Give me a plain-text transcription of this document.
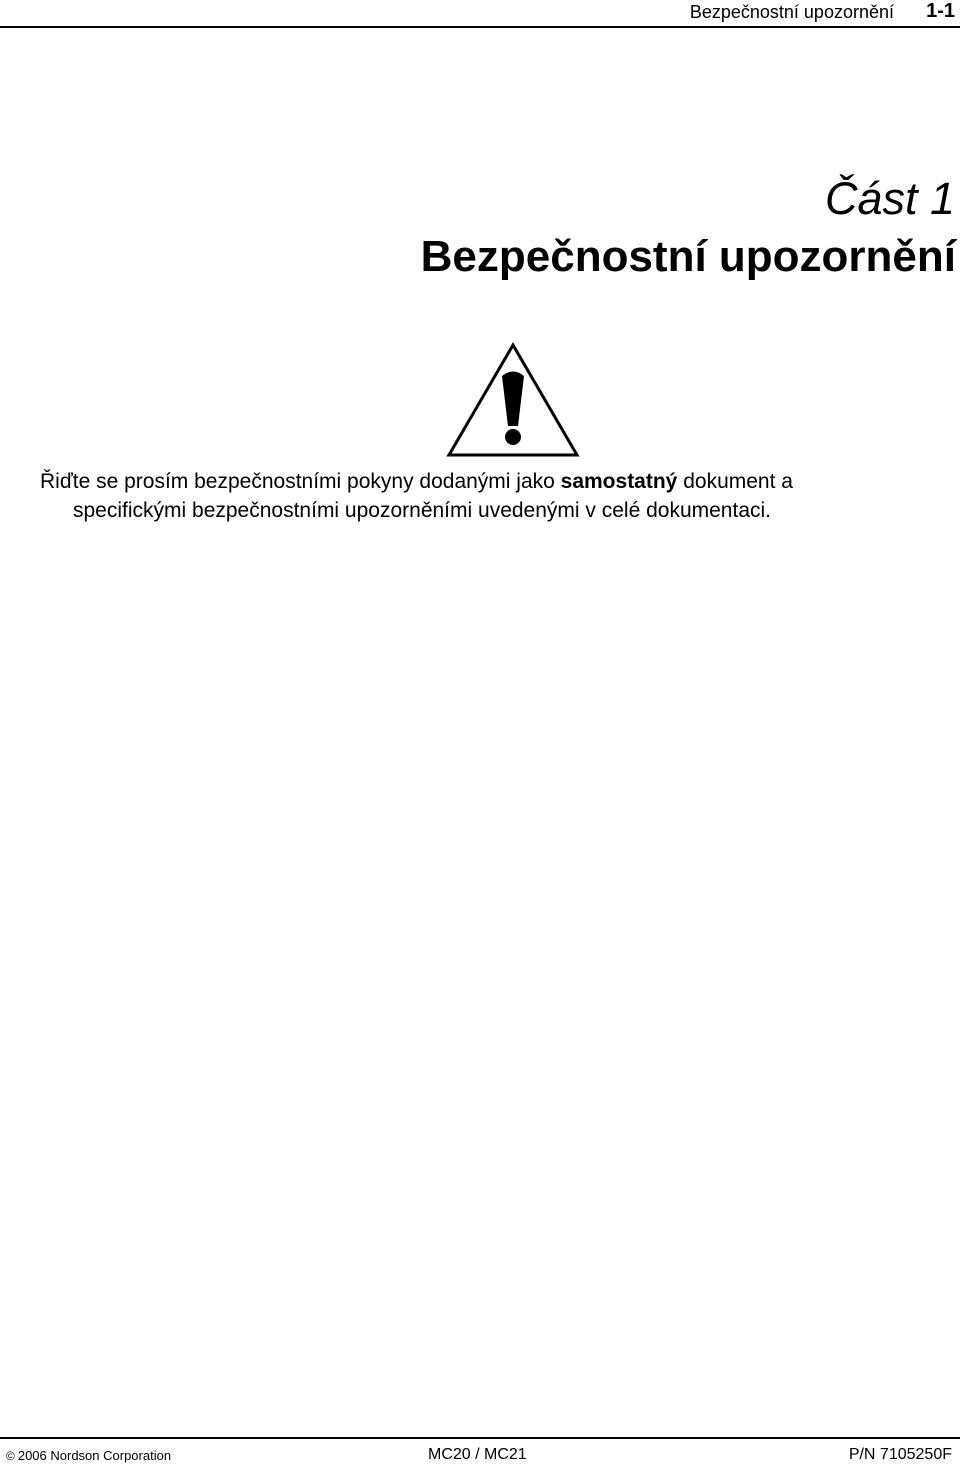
Bezpečnostní upozornění 1-1
Část 1
Bezpečnostní upozornění
Řiďte se prosím bezpečnostními pokyny dodanými jako samostatný dokument a
specifickými bezpečnostními upozorněními uvedenými v celé dokumentaci.
© 2006 Nordson Corporation	MC20 / MC21	P/N 7105250F
